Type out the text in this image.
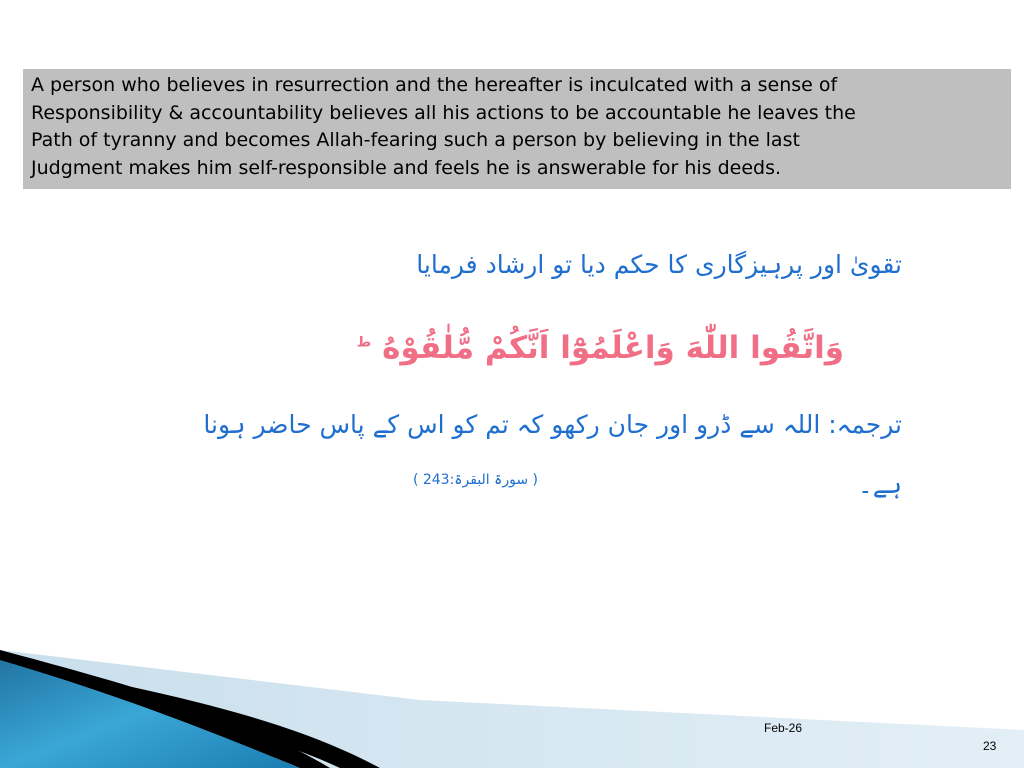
A person who believes in resurrection and the hereafter is inculcated with a sense of
Responsibility & accountability believes all his actions to be accountable he leaves the
Path of tyranny and becomes Allah-fearing such a person by believing in the last
Judgment makes him self-responsible and feels he is answerable for his deeds.

تقویٰ اور پرہیزگاری کا حکم دیا تو ارشاد فرمایا
وَاتَّقُوا اللّٰهَ وَاعْلَمُوْٓا اَنَّكُمْ مُّلٰقُوْهُ $^ط$
ترجمہ: اللہ سے ڈرو اور جان رکھو کہ تم کو اس کے پاس حاضر ہونا
ہے۔
( سورۃ البقرۃ:243 )
Feb-26
23
